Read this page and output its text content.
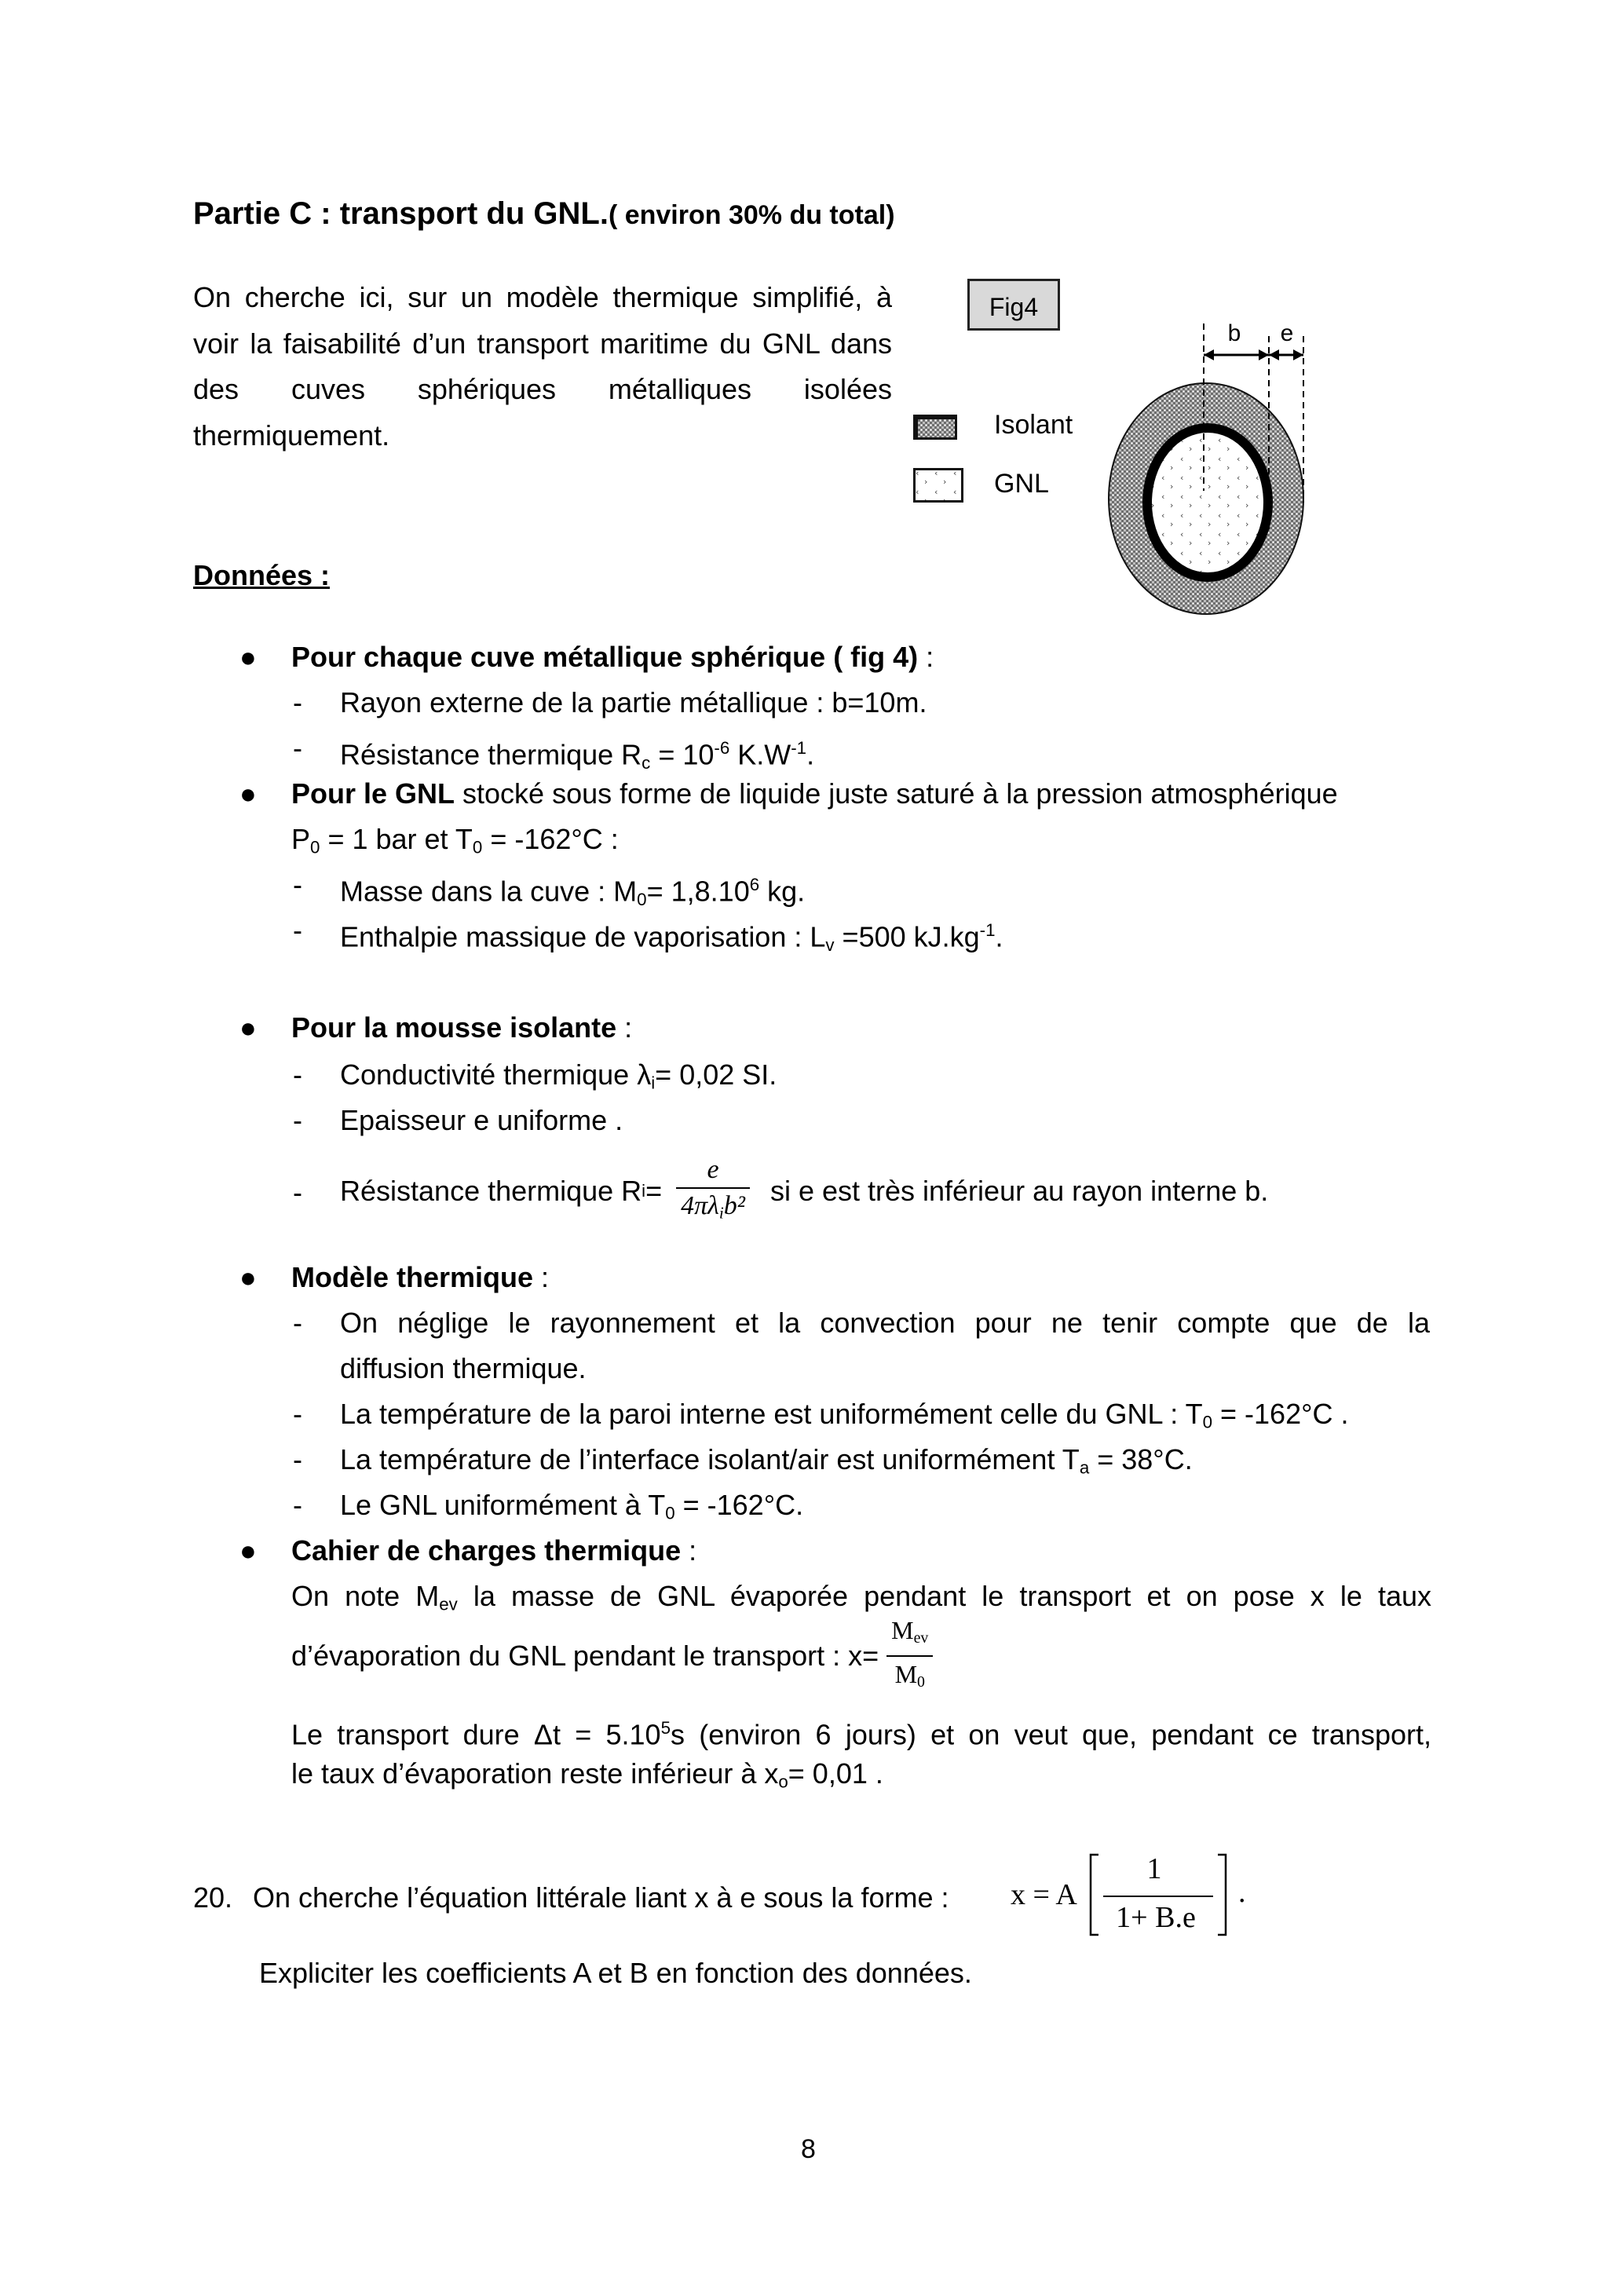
Partie C : transport du GNL.( environ 30% du total)
On cherche ici, sur un modèle thermique simplifié, à voir la faisabilité d’un transport maritime du GNL dans des cuves sphériques métalliques isolées thermiquement.
Fig4
Isolant
GNL
b e
Données :
● Pour chaque cuve métallique sphérique ( fig 4) :
- Rayon externe de la partie métallique : b=10m.
- Résistance thermique $R_c = 10^{-6}$ $K.W^{-1}$.
● Pour le GNL stocké sous forme de liquide juste saturé à la pression atmosphérique
$P_0 = 1$ bar et $T_0 = -162^\circ C$ :
- Masse dans la cuve : $M_0= 1,8.10^6$ kg.
- Enthalpie massique de vaporisation : $L_v =500$ $kJ.kg^{-1}$.
● Pour la mousse isolante :
- Conductivité thermique $\lambda_i= 0,02$ SI.
- Epaisseur e uniforme .
- Résistance thermique $Ri= \frac{e}{4\pi\lambda_ib^2}$ si e est très inférieur au rayon interne b.
● Modèle thermique :
- On néglige le rayonnement et la convection pour ne tenir compte que de la
diffusion thermique.
- La température de la paroi interne est uniformément celle du GNL : $T_0 = -162^\circ C$ .
- La température de l’interface isolant/air est uniformément $T_a = 38^\circ C$.
- Le GNL uniformément à $T_0 = -162^\circ C$.
● Cahier de charges thermique :
On note $M_{ev}$ la masse de GNL évaporée pendant le transport et on pose x le taux
d’évaporation du GNL pendant le transport : $x= \frac{M_{ev}}{M_0}$
Le transport dure $\Delta t = 5.10^5s$ (environ 6 jours) et on veut que, pendant ce transport,
le taux d’évaporation reste inférieur à $x_o= 0,01$ .
20. On cherche l’équation littérale liant x à e sous la forme : x = A
1
1+ B.e
.
Expliciter les coefficients A et B en fonction des données.
8
